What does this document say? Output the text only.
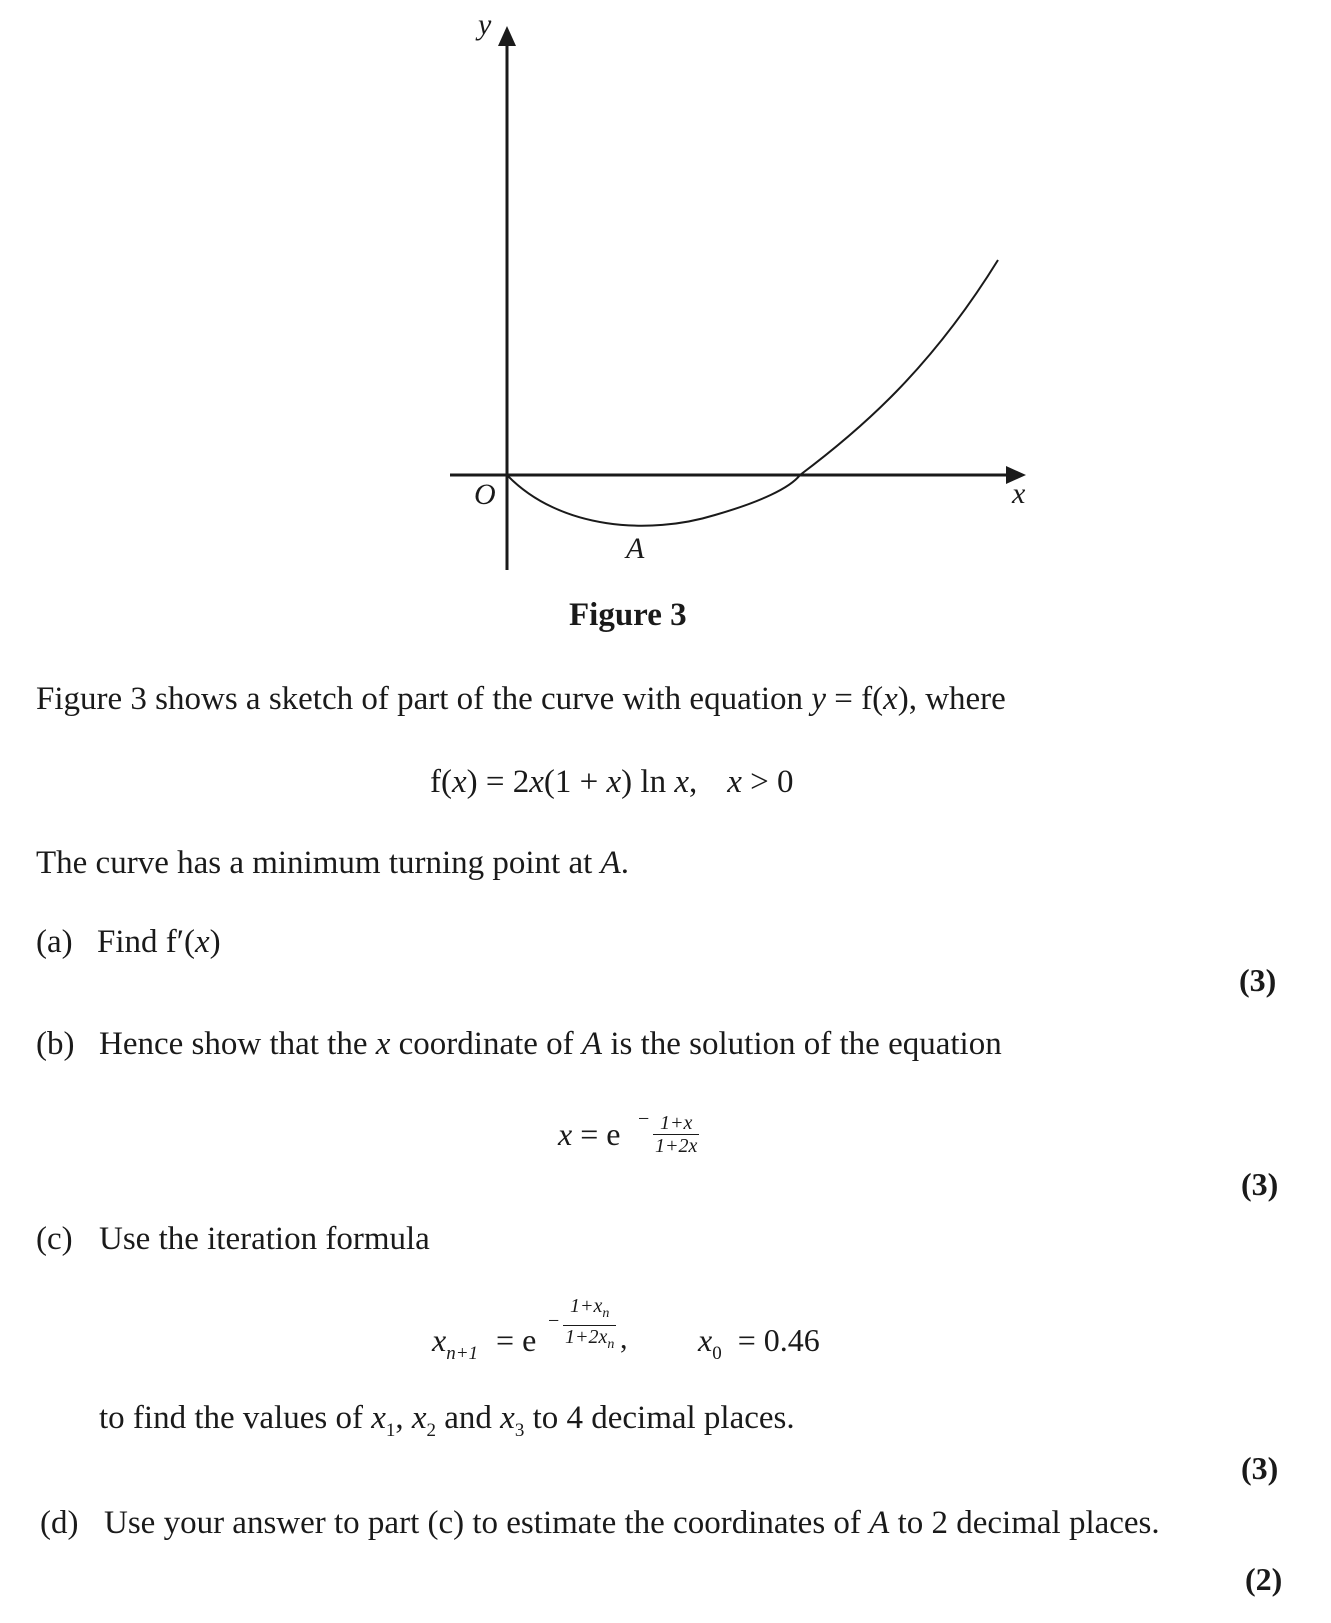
y
x
O
A
Figure 3
Figure 3 shows a sketch of part of the curve with equation y = f(x), where
f(x) = 2x(1 + x) ln x, x > 0
The curve has a minimum turning point at A.
(a) Find f′(x)
(3)
(b) Hence show that the x coordinate of A is the solution of the equation
$x = e - \frac{1+x}{1+2x}$
(3)
(c) Use the iteration formula
$x_{n+1} = e$
− $\frac{1+x_n}{1+2x_n}$ , $x_0 = 0.46$
to find the values of $x_1$, $x_2$ and $x_3$ to 4 decimal places.
(3)
(d) Use your answer to part (c) to estimate the coordinates of A to 2 decimal places.
(2)
